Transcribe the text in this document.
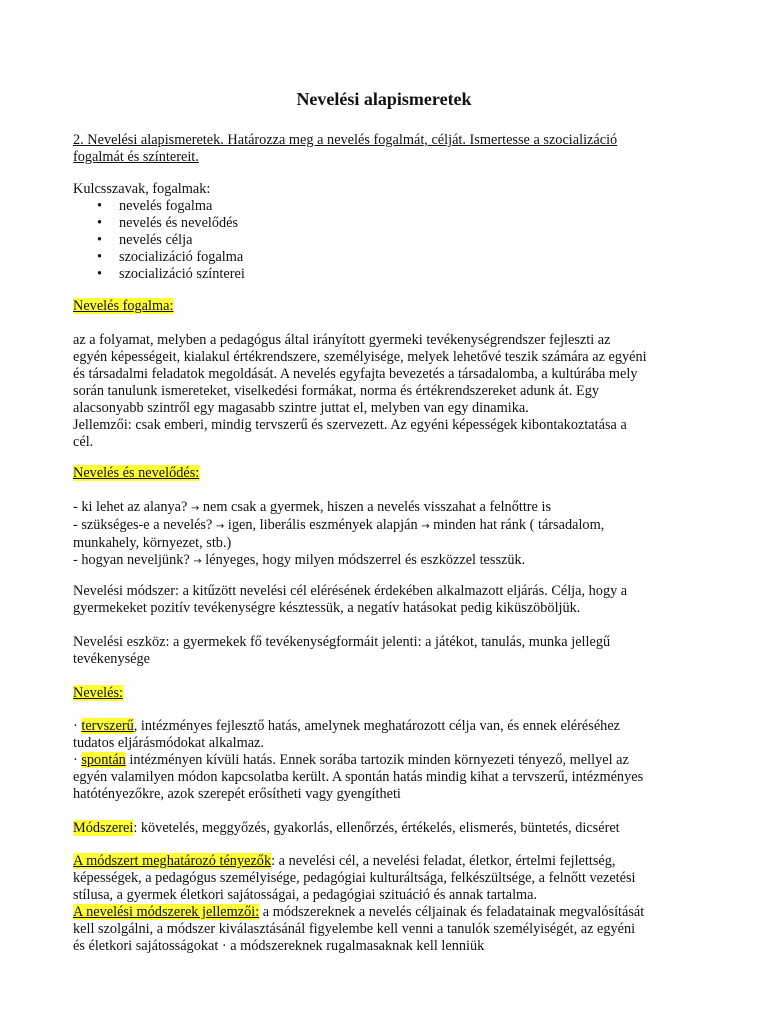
Nevelési alapismeretek
2. Nevelési alapismeretek. Határozza meg a nevelés fogalmát, célját. Ismertesse a szocializáció
fogalmát és színtereit.
Kulcsszavak, fogalmak:
• nevelés fogalma
• nevelés és nevelődés
• nevelés célja
• szocializáció fogalma
• szocializáció színterei
Nevelés fogalma:
az a folyamat, melyben a pedagógus által irányított gyermeki tevékenységrendszer fejleszti az
egyén képességeit, kialakul értékrendszere, személyisége, melyek lehetővé teszik számára az egyéni
és társadalmi feladatok megoldását. A nevelés egyfajta bevezetés a társadalomba, a kultúrába mely
során tanulunk ismereteket, viselkedési formákat, norma és értékrendszereket adunk át. Egy
alacsonyabb szintről egy magasabb szintre juttat el, melyben van egy dinamika.
Jellemzői: csak emberi, mindig tervszerű és szervezett. Az egyéni képességek kibontakoztatása a
cél.
Nevelés és nevelődés:
- ki lehet az alanya? → nem csak a gyermek, hiszen a nevelés visszahat a felnőttre is
- szükséges-e a nevelés? → igen, liberális eszmények alapján → minden hat ránk ( társadalom,
munkahely, környezet, stb.)
- hogyan neveljünk? → lényeges, hogy milyen módszerrel és eszközzel tesszük.
Nevelési módszer: a kitűzött nevelési cél elérésének érdekében alkalmazott eljárás. Célja, hogy a
gyermekeket pozitív tevékenységre késztessük, a negatív hatásokat pedig kiküszöböljük.
Nevelési eszköz: a gyermekek fő tevékenységformáit jelenti: a játékot, tanulás, munka jellegű
tevékenysége
Nevelés:
· tervszerű, intézményes fejlesztő hatás, amelynek meghatározott célja van, és ennek eléréséhez
tudatos eljárásmódokat alkalmaz.
· spontán intézményen kívüli hatás. Ennek sorába tartozik minden környezeti tényező, mellyel az
egyén valamilyen módon kapcsolatba került. A spontán hatás mindig kihat a tervszerű, intézményes
hatótényezőkre, azok szerepét erősítheti vagy gyengítheti
Módszerei: követelés, meggyőzés, gyakorlás, ellenőrzés, értékelés, elismerés, büntetés, dicséret
A módszert meghatározó tényezők: a nevelési cél, a nevelési feladat, életkor, értelmi fejlettség,
képességek, a pedagógus személyisége, pedagógiai kulturáltsága, felkészültsége, a felnőtt vezetési
stílusa, a gyermek életkori sajátosságai, a pedagógiai szituáció és annak tartalma.
A nevelési módszerek jellemzői: a módszereknek a nevelés céljainak és feladatainak megvalósítását
kell szolgálni, a módszer kiválasztásánál figyelembe kell venni a tanulók személyiségét, az egyéni
és életkori sajátosságokat · a módszereknek rugalmasaknak kell lenniük
